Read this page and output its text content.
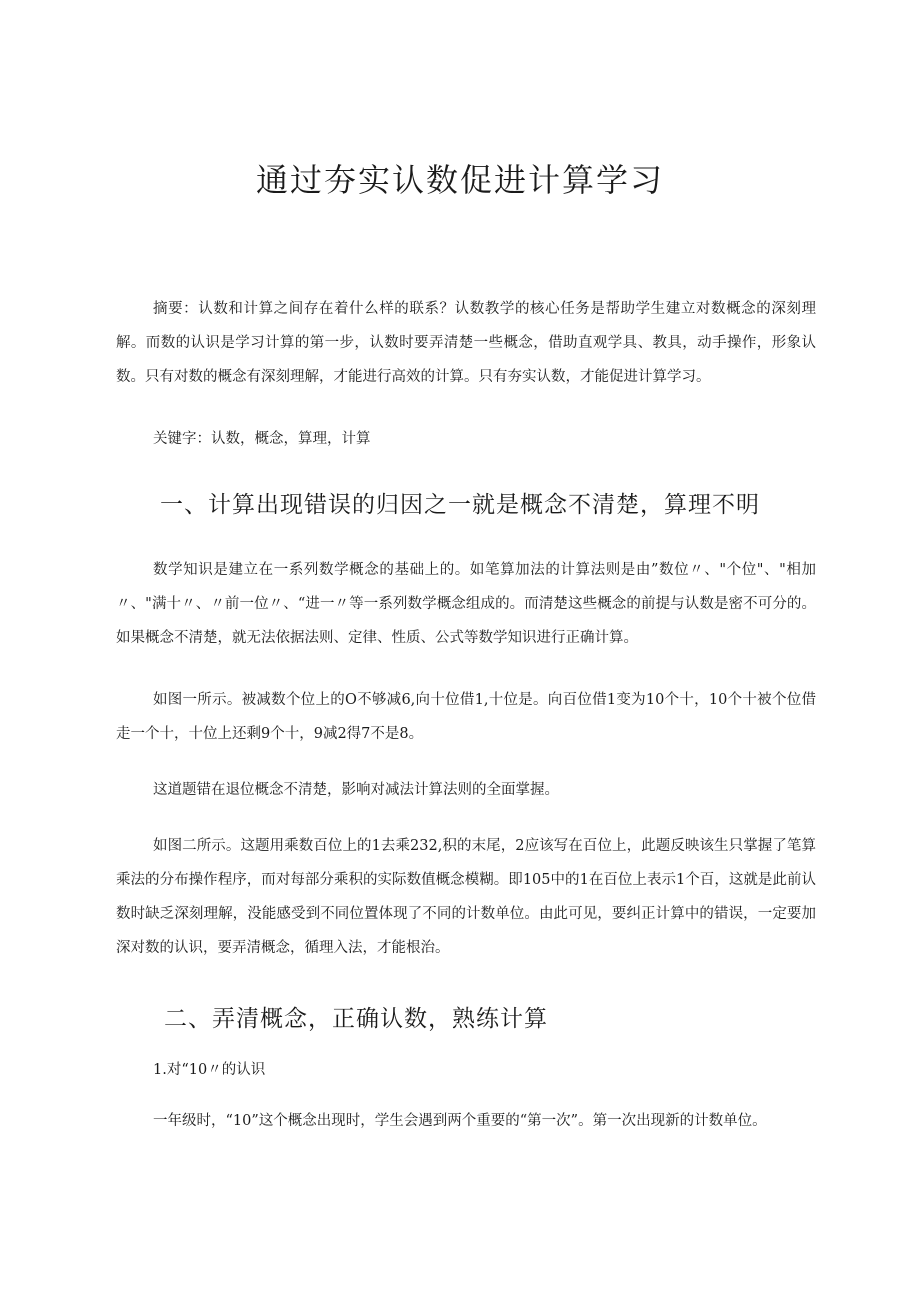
通过夯实认数促进计算学习
摘要：认数和计算之间存在着什么样的联系？认数教学的核心任务是帮助学生建立对数概念的深刻理解。而数的认识是学习计算的第一步，认数时要弄清楚一些概念，借助直观学具、教具，动手操作，形象认数。只有对数的概念有深刻理解，才能进行高效的计算。只有夯实认数，才能促进计算学习。
关键字：认数，概念，算理，计算
一、计算出现错误的归因之一就是概念不清楚，算理不明
数学知识是建立在一系列数学概念的基础上的。如笔算加法的计算法则是由”数位〃、"个位"、"相加〃、"满十〃、〃前一位〃、“进一〃等一系列数学概念组成的。而清楚这些概念的前提与认数是密不可分的。如果概念不清楚，就无法依据法则、定律、性质、公式等数学知识进行正确计算。
如图一所示。被减数个位上的O不够减6,向十位借1,十位是。向百位借1变为10个十，10个十被个位借走一个十，十位上还剩9个十，9减2得7不是8。
这道题错在退位概念不清楚，影响对减法计算法则的全面掌握。
如图二所示。这题用乘数百位上的1去乘232,积的末尾，2应该写在百位上，此题反映该生只掌握了笔算乘法的分布操作程序，而对每部分乘积的实际数值概念模糊。即105中的1在百位上表示1个百，这就是此前认数时缺乏深刻理解，没能感受到不同位置体现了不同的计数单位。由此可见，要纠正计算中的错误，一定要加深对数的认识，要弄清概念，循理入法，才能根治。
二、弄清概念，正确认数，熟练计算
1.对“10〃的认识
一年级时，“10”这个概念出现时，学生会遇到两个重要的“第一次”。第一次出现新的计数单位。
